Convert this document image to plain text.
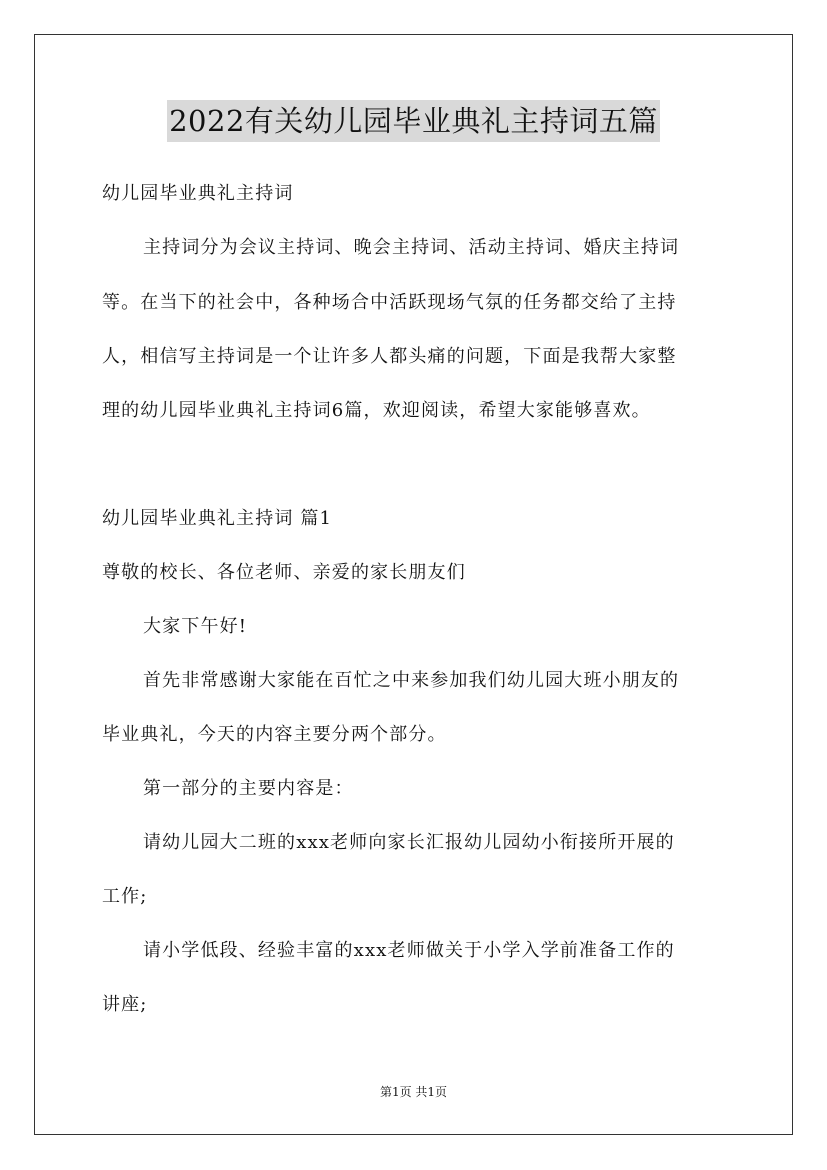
2022有关幼儿园毕业典礼主持词五篇
幼儿园毕业典礼主持词
主持词分为会议主持词、晚会主持词、活动主持词、婚庆主持词
等。在当下的社会中，各种场合中活跃现场气氛的任务都交给了主持
人，相信写主持词是一个让许多人都头痛的问题，下面是我帮大家整
理的幼儿园毕业典礼主持词6篇，欢迎阅读，希望大家能够喜欢。
幼儿园毕业典礼主持词 篇1
尊敬的校长、各位老师、亲爱的家长朋友们
大家下午好!
首先非常感谢大家能在百忙之中来参加我们幼儿园大班小朋友的
毕业典礼，今天的内容主要分两个部分。
第一部分的主要内容是：
请幼儿园大二班的xxx老师向家长汇报幼儿园幼小衔接所开展的
工作;
请小学低段、经验丰富的xxx老师做关于小学入学前准备工作的
讲座;
第1页 共1页
